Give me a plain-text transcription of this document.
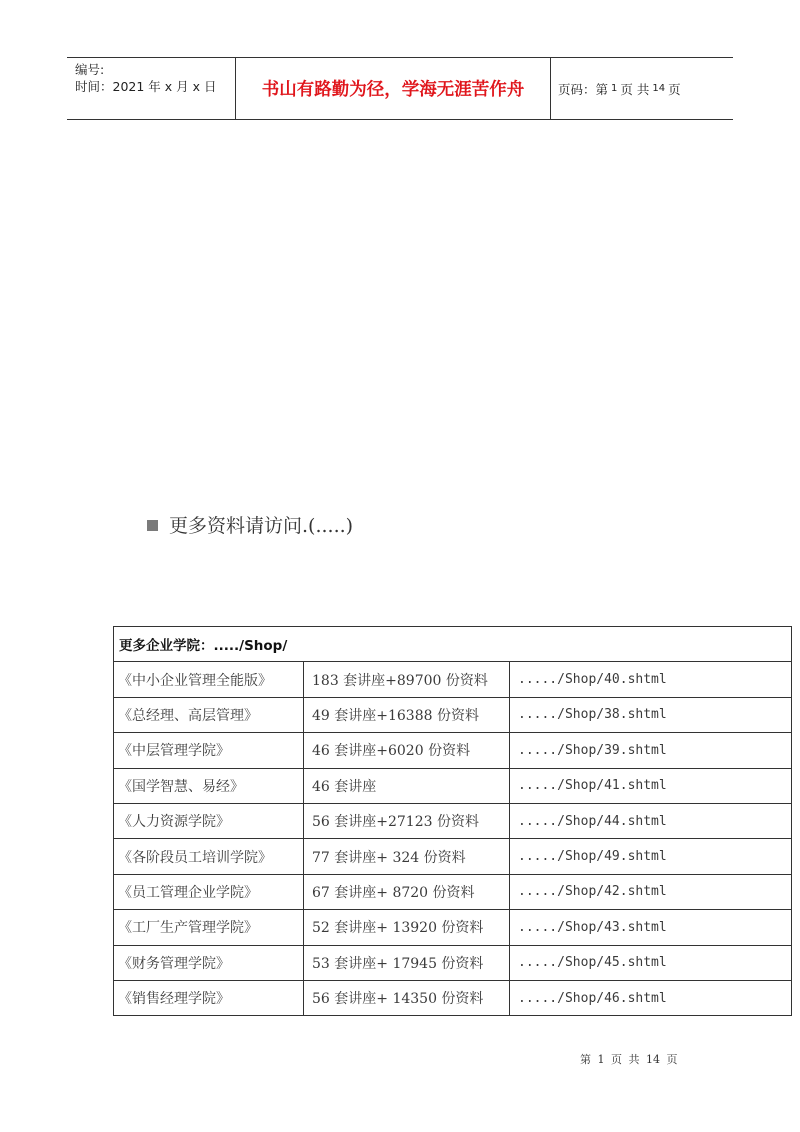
编号:
时间：2021 年 x 月 x 日	书山有路勤为径，学海无涯苦作舟	页码：第 1 页 共 14 页
更多资料请访问.(.....)
更多企业学院：...../Shop/		
《中小企业管理全能版》	183 套讲座+89700 份资料	...../Shop/40.shtml
《总经理、高层管理》	49 套讲座+16388 份资料	...../Shop/38.shtml
《中层管理学院》	46 套讲座+6020 份资料	...../Shop/39.shtml
《国学智慧、易经》	46 套讲座	...../Shop/41.shtml
《人力资源学院》	56 套讲座+27123 份资料	...../Shop/44.shtml
《各阶段员工培训学院》	77 套讲座+ 324 份资料	...../Shop/49.shtml
《员工管理企业学院》	67 套讲座+ 8720 份资料	...../Shop/42.shtml
《工厂生产管理学院》	52 套讲座+ 13920 份资料	...../Shop/43.shtml
《财务管理学院》	53 套讲座+ 17945 份资料	...../Shop/45.shtml
《销售经理学院》	56 套讲座+ 14350 份资料	...../Shop/46.shtml
第 1 页 共 14 页
